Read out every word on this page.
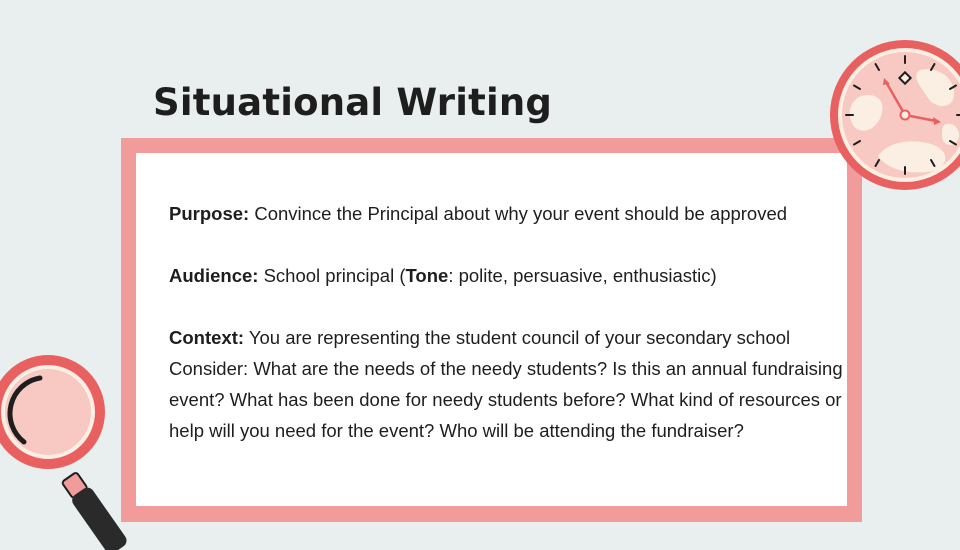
Situational Writing

Purpose: Convince the Principal about why your event should be approved

Audience: School principal (Tone: polite, persuasive, enthusiastic)

Context: You are representing the student council of your secondary school

Consider: What are the needs of the needy students? Is this an annual fundraising event? What has been done for needy students before? What kind of resources or help will you need for the event? Who will be attending the fundraiser?
